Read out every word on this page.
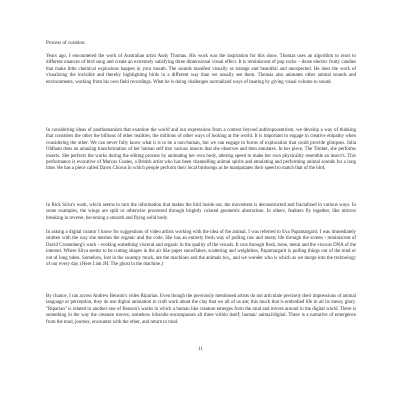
Process of curation:

Years ago, I encountered the work of Australian artist Andy Thomas. His work was the inspiration for this show. Thomas uses an algorithm to react to different nuances of bird song and create an extremely satisfying three dimensional visual effect. It is reminiscent of pop rocks – those electric fruity candies that make little chemical explosions happen in your mouth. The sounds manifest visually as strange and beautiful and unexpected. He does the work of visualizing the invisible and thereby highlighting birds in a different way than we usually see them. Thomas also animates other animal sounds and environments, working from his own field recordings. What he is doing challenges normalized ways of hearing by giving visual volume to sound.

In considering ideas of posthumanism that examine the world and our expressions from a context beyond anthropocentrism, we develop a way of thinking that considers the other the billions of other realities, the millions of other ways of looking at the world. It is important to engage in creative empathy when considering the other. We can never fully know what it is to be a non-human, but we can engage in forms of exploration that could provide glimpses. Julia Oldham does an amazing transformation of her human self into various insects that she observes and then emulates. In her piece, The Timber, she performs insects. She perfects the works during the editing process by animating her own body, altering speed to make her own physicality resemble an insect's. This performance is evocative of Marcus Coates, a British artist who has been channelling animal spirits and emulating and performing animal sounds for a long time. He has a piece called Dawn Chorus in which people perform their local birdsongs as he manipulates their speed to match that of the bird.

In Rick Silva's work, which seems to turn the information that makes the bird inside out, the movement is deconstructed and fractalized in various ways. In some examples, the wings are split or otherwise processed through brightly colored geometric abstraction. In others, feathers fly together, like mirrors breaking in reverse, becoming a smooth and flying solid body.

In asking a digital curator I know for suggestions of video artists working with the idea of the animal, I was referred to Eva Papamargarit. I was immediately smitten with the way she meshes the organic and the code. She has an entirely fresh way of pulling raw and meaty life through the screen - reminiscent of David Cronenberg's work - evoking something visceral and organic in the quality of the visuals. It cuts through flesh, bone, metal and the viscous DNA of the internet. Where Silva seems to be cutting shapes in the air like paper snowflakes, scattering and weightless, Papamargarit is pulling things out of the mud or out of long tubes. Somehow, lost in the swampy muck, are the machines and the animals too,, and we wonder who is which as we merge into the technology of our every day. (Here I am JH. The ghost in the machine.)

By chance, I ran across Andrew Benson's video Riparian. Even though the previously mentioned artists do not articulate precisely their impressions of animal language or perception, they do use digital animation to craft work about the clay that we all of us are; this muck that is embodied life in all its messy glory. "Riparian" is related to another one of Benson's works in which a human like creature emerges from the mud and moves around in the digital world. There is something in the way the creature moves; somehow it/he/she encompasses all three within itself; human/ animal/digital. There is a narrative of emergence from the mud, journey, encounter with the other, and return to mud.

11
